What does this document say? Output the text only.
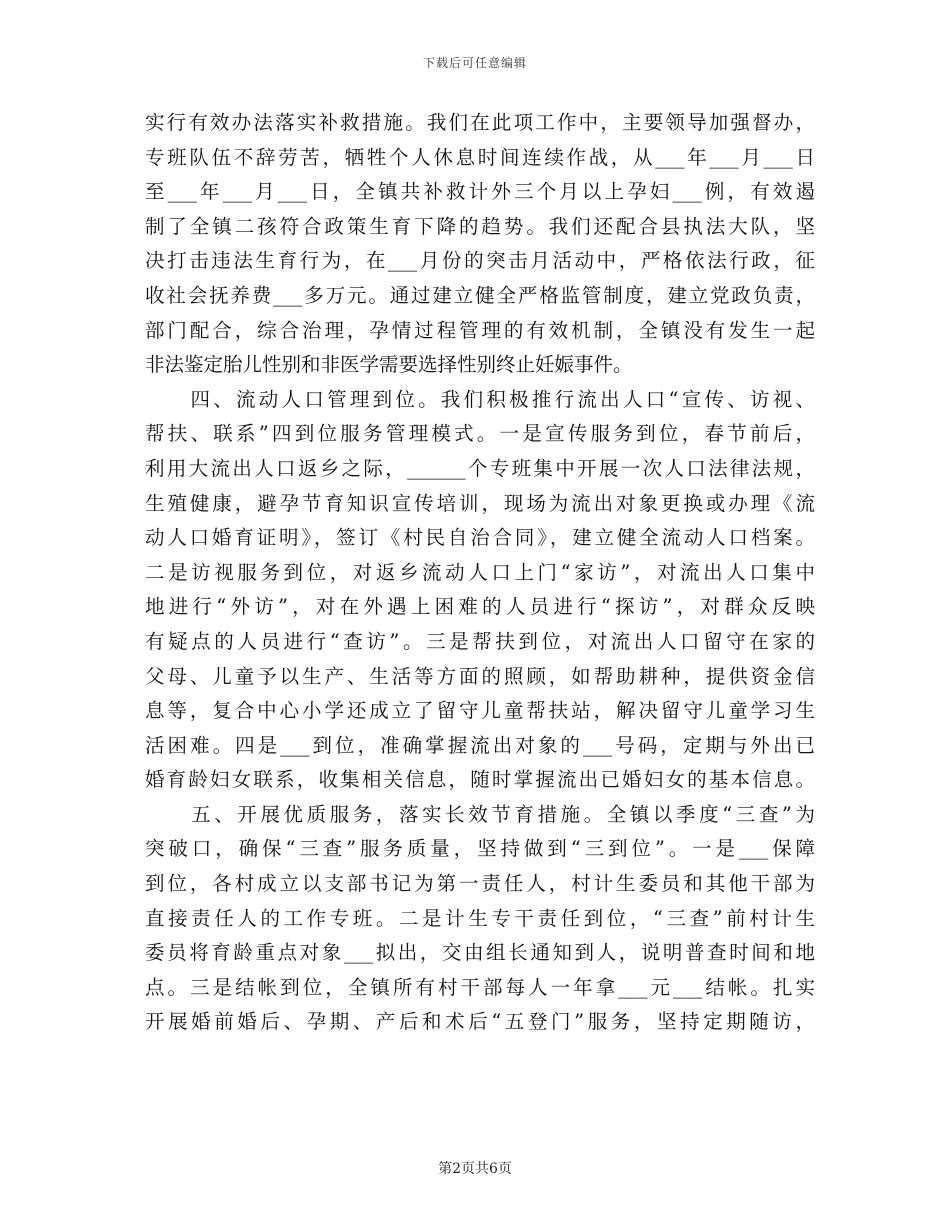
下载后可任意编辑
实行有效办法落实补救措施。我们在此项工作中，主要领导加强督办，
专班队伍不辞劳苦，牺牲个人休息时间连续作战，从___年___月___日
至___年___月___日，全镇共补救计外三个月以上孕妇___例，有效遏
制了全镇二孩符合政策生育下降的趋势。我们还配合县执法大队，坚
决打击违法生育行为，在___月份的突击月活动中，严格依法行政，征
收社会抚养费___多万元。通过建立健全严格监管制度，建立党政负责，
部门配合，综合治理，孕情过程管理的有效机制，全镇没有发生一起
非法鉴定胎儿性别和非医学需要选择性别终止妊娠事件。
　　四、流动人口管理到位。我们积极推行流出人口“宣传、访视、
帮扶、联系”四到位服务管理模式。一是宣传服务到位，春节前后，
利用大流出人口返乡之际，______个专班集中开展一次人口法律法规，
生殖健康，避孕节育知识宣传培训，现场为流出对象更换或办理《流
动人口婚育证明》，签订《村民自治合同》，建立健全流动人口档案。
二是访视服务到位，对返乡流动人口上门“家访”，对流出人口集中
地进行“外访”，对在外遇上困难的人员进行“探访”，对群众反映
有疑点的人员进行“查访”。三是帮扶到位，对流出人口留守在家的
父母、儿童予以生产、生活等方面的照顾，如帮助耕种，提供资金信
息等，复合中心小学还成立了留守儿童帮扶站，解决留守儿童学习生
活困难。四是___到位，准确掌握流出对象的___号码，定期与外出已
婚育龄妇女联系，收集相关信息，随时掌握流出已婚妇女的基本信息。
　　五、开展优质服务，落实长效节育措施。全镇以季度“三查”为
突破口，确保“三查”服务质量，坚持做到“三到位”。一是___保障
到位，各村成立以支部书记为第一责任人，村计生委员和其他干部为
直接责任人的工作专班。二是计生专干责任到位，“三查”前村计生
委员将育龄重点对象___拟出，交由组长通知到人，说明普查时间和地
点。三是结帐到位，全镇所有村干部每人一年拿___元___结帐。扎实
开展婚前婚后、孕期、产后和术后“五登门”服务，坚持定期随访，
第2页共6页
